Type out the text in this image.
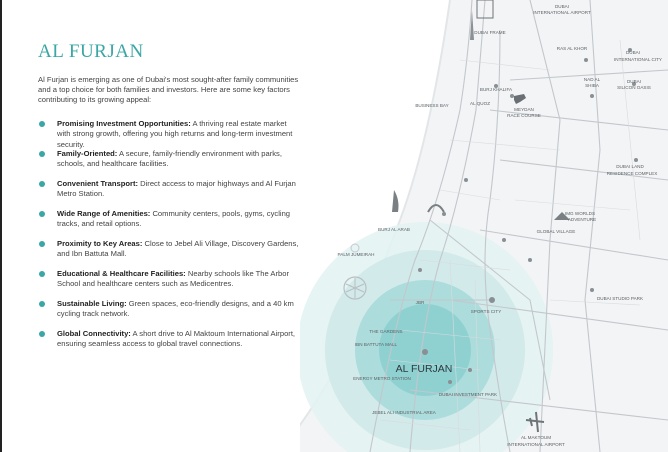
AL FURJAN

Al Furjan is emerging as one of Dubai's most sought-after family communities and a top choice for both families and investors. Here are some key factors contributing to its growing appeal:

Promising Investment Opportunities: A thriving real estate market with strong growth, offering you high returns and long-term investment security.
Family-Oriented: A secure, family-friendly environment with parks, schools, and healthcare facilities.
Convenient Transport: Direct access to major highways and Al Furjan Metro Station.
Wide Range of Amenities: Community centers, pools, gyms, cycling tracks, and retail options.
Proximity to Key Areas: Close to Jebel Ali Village, Discovery Gardens, and Ibn Battuta Mall.
Educational & Healthcare Facilities: Nearby schools like The Arbor School and healthcare centers such as Medicentres.
Sustainable Living: Green spaces, eco-friendly designs, and a 40 km cycling track network.
Global Connectivity: A short drive to Al Maktoum International Airport, ensuring seamless access to global travel connections.
DUBAI
INTERNATIONAL AIRPORT
DUBAI FRAME
RAS AL KHOR
DUBAI
INTERNATIONAL CITY
NAD AL
SHIBA
DUBAI
SILICON OASIS
BURJ KHALIFA
BUSINESS BAY	AL QUOZ
MEYDAN
RACE COURSE
DUBAI LAND
RESIDENCE COMPLEX
IMG WORLDS
ADVENTURE
GLOBAL VILLAGE
BURJ AL ARAB
PALM JUMEIRAH
JBR
SPORTS CITY
THE GARDENS
IBN BATTUTA MALL
ENERGY METRO STATION
DUBAI INVESTMENT PARK
JEBEL ALI INDUSTRIAL AREA
DUBAI STUDIO PARK
AL MAKTOUM
INTERNATIONAL AIRPORT
AL FURJAN
